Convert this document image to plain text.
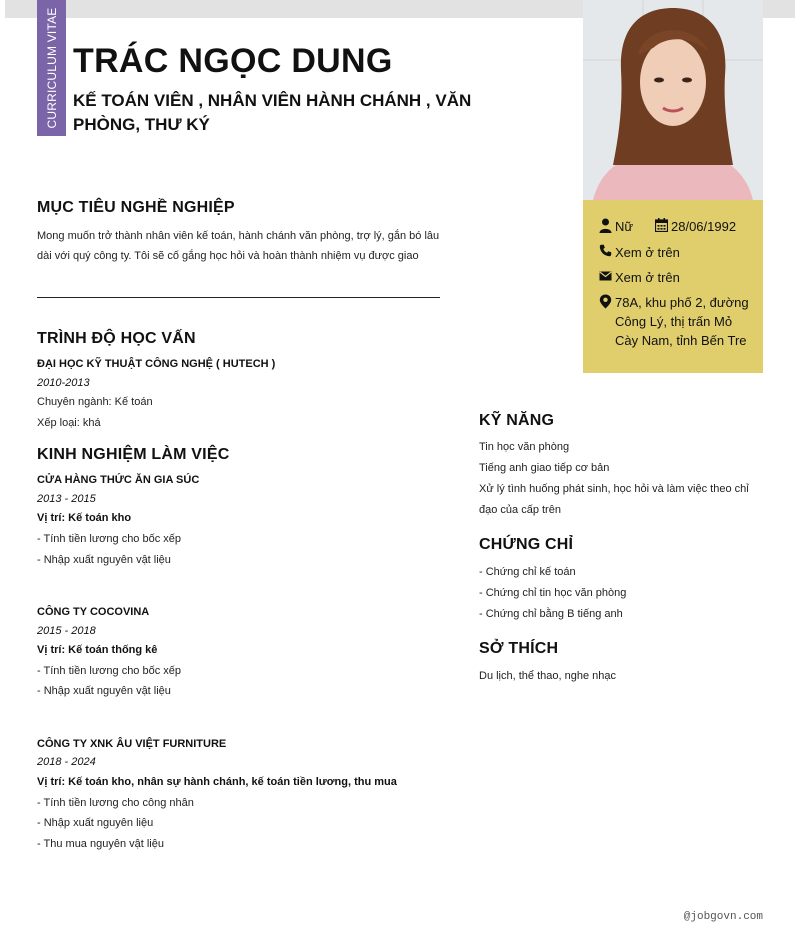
CURRICULUM VITAE TRÁC NGỌC DUNG
KẾ TOÁN VIÊN , NHÂN VIÊN HÀNH CHÁNH , VĂN PHÒNG, THƯ KÝ
Nữ	28/06/1992
Xem ở trên
Xem ở trên
78A, khu phố 2, đường Công Lý, thị trấn Mỏ Cày Nam, tỉnh Bến Tre
MỤC TIÊU NGHỀ NGHIỆP
Mong muốn trở thành nhân viên kế toán, hành chánh văn phòng, trợ lý, gắn bó lâu dài với quý công ty. Tôi sẽ cố gắng học hỏi và hoàn thành nhiệm vụ được giao
TRÌNH ĐỘ HỌC VẤN
ĐẠI HỌC KỸ THUẬT CÔNG NGHỆ ( HUTECH )
2010-2013
Chuyên ngành: Kế toán
Xếp loại: khá
KINH NGHIỆM LÀM VIỆC
CỬA HÀNG THỨC ĂN GIA SÚC
2013 - 2015
Vị trí: Kế toán kho
- Tính tiền lương cho bốc xếp
- Nhập xuất nguyên vật liệu
CÔNG TY COCOVINA
2015 - 2018
Vị trí: Kế toán thống kê
- Tính tiền lương cho bốc xếp
- Nhập xuất nguyên vật liệu
CÔNG TY XNK ÂU VIỆT FURNITURE
2018 - 2024
Vị trí: Kế toán kho, nhân sự hành chánh, kế toán tiền lương, thu mua
- Tính tiền lương cho công nhân
- Nhập xuất nguyên liệu
- Thu mua nguyên vật liệu
KỸ NĂNG
Tin học văn phòng
Tiếng anh giao tiếp cơ bản
Xử lý tình huống phát sinh, học hỏi và làm việc theo chỉ đạo của cấp trên
CHỨNG CHỈ
- Chứng chỉ kế toán
- Chứng chỉ tin học văn phòng
- Chứng chỉ bằng B tiếng anh
SỞ THÍCH
Du lịch, thể thao, nghe nhạc
@jobgovn.com
